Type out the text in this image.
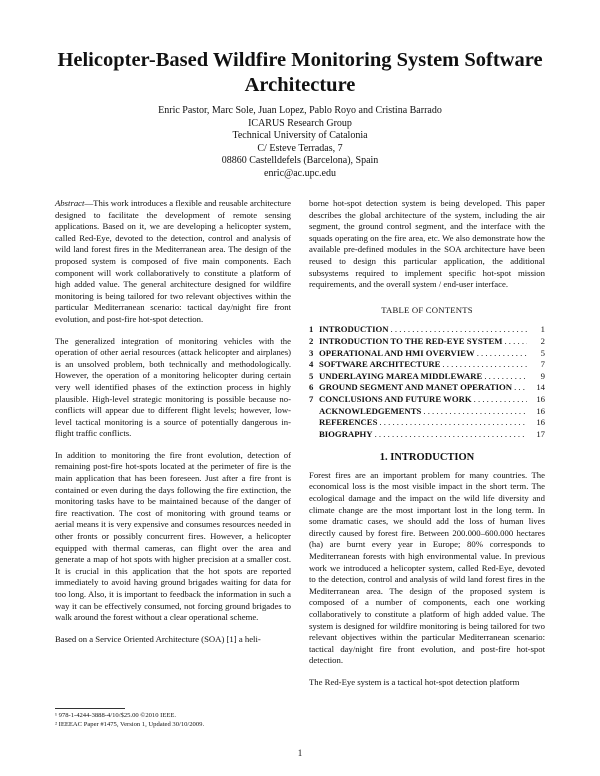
Helicopter-Based Wildfire Monitoring System Software Architecture
Enric Pastor, Marc Sole, Juan Lopez, Pablo Royo and Cristina Barrado
ICARUS Research Group
Technical University of Catalonia
C/ Esteve Terradas, 7
08860 Castelldefels (Barcelona), Spain
enric@ac.upc.edu

Abstract—This work introduces a flexible and reusable architecture designed to facilitate the development of remote sensing applications. Based on it, we are developing a helicopter system, called Red-Eye, devoted to the detection, control and analysis of wild land forest fires in the Mediterranean area. The design of the proposed system is composed of five main components. Each component will work collaboratively to constitute a platform of high added value. The general architecture designed for wildfire monitoring is being tailored for two relevant objectives within the particular Mediterranean scenario: tactical day/night fire front evolution, and post-fire hot-spot detection.

The generalized integration of monitoring vehicles with the operation of other aerial resources (attack helicopter and airplanes) is an unsolved problem, both technically and methodologically. However, the operation of a monitoring helicopter during certain very well identified phases of the extinction process in highly plausible. High-level strategic monitoring is possible because no-conflicts will appear due to different flight levels; however, low-level tactical monitoring is a source of potentially dangerous in-flight traffic conflicts.

In addition to monitoring the fire front evolution, detection of remaining post-fire hot-spots located at the perimeter of fire is the main application that has been foreseen. Just after a fire front is contained or even during the days following the fire extinction, the monitoring tasks have to be maintained because of the danger of fire reactivation. The cost of monitoring with ground teams or aerial means it is very expensive and consumes resources needed in other fronts or possibly concurrent fires. However, a helicopter equipped with thermal cameras, can flight over the area and generate a map of hot spots with higher precision at a smaller cost. It is crucial in this application that the hot spots are reported immediately to avoid having ground brigades waiting for data for too long. Also, it is important to feedback the information in such a way it can be effectively consumed, not forcing ground brigades to walk around the forest without a clear operational scheme.

Based on a Service Oriented Architecture (SOA) [1] a heli-

¹ 978-1-4244-3888-4/10/$25.00 ©2010 IEEE.
² IEEEAC Paper #1475, Version 1, Updated 30/10/2009.

borne hot-spot detection system is being developed. This paper describes the global architecture of the system, including the air segment, the ground control segment, and the interface with the squads operating on the fire area, etc. We also demonstrate how the available pre-defined modules in the SOA architecture have been reused to design this particular application, the additional subsystems required to implement specific hot-spot mission requirements, and the overall system / end-user interface.

TABLE OF CONTENTS
1 INTRODUCTION . . .	1
2 INTRODUCTION TO THE RED-EYE SYSTEM . . .	2
3 OPERATIONAL AND HMI OVERVIEW . . .	5
4 SOFTWARE ARCHITECTURE . . .	7
5 UNDERLAYING MAREA MIDDLEWARE . . .	9
6 GROUND SEGMENT AND MANET OPERATION . . .	14
7 CONCLUSIONS AND FUTURE WORK . . .	16
ACKNOWLEDGEMENTS . . .	16
REFERENCES . . .	16
BIOGRAPHY . . .	17
1. INTRODUCTION

Forest fires are an important problem for many countries. The economical loss is the most visible impact in the short term. The ecological damage and the impact on the wild life diversity and climate change are the most important lost in the long term. In some dramatic cases, we should add the loss of human lives directly caused by forest fire. Between 200.000–600.000 hectares (ha) are burnt every year in Europe; 80% corresponds to Mediterranean forests with high environmental value. In previous work we introduced a helicopter system, called Red-Eye, devoted to the detection, control and analysis of wild land forest fires in the Mediterranean area. The design of the proposed system is composed of a number of components, each one working collaboratively to constitute a platform of high added value. The system is designed for wildfire monitoring is being tailored for two relevant objectives within the particular Mediterranean scenario: tactical day/night fire front evolution, and post-fire hot-spot detection.

The Red-Eye system is a tactical hot-spot detection platform

1
